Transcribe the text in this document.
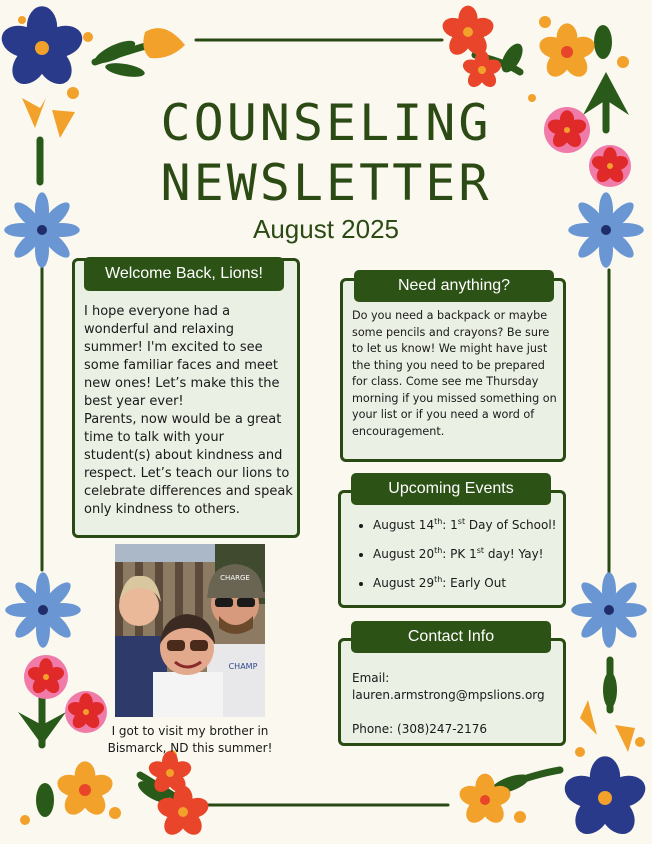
COUNSELING
NEWSLETTER
August 2025
Welcome Back, Lions!
I hope everyone had a wonderful and relaxing summer! I'm excited to see some familiar faces and meet new ones! Let’s make this the best year ever!
Parents, now would be a great time to talk with your student(s) about kindness and respect. Let’s teach our lions to celebrate differences and speak only kindness to others.
CHARGE
CHAMP
I got to visit my brother in
Bismarck, ND this summer!
Need anything?
Do you need a backpack or maybe some pencils and crayons? Be sure to let us know! We might have just the thing you need to be prepared for class. Come see me Thursday morning if you missed something on your list or if you need a word of encouragement.
Upcoming Events
• August 14th: 1st Day of School!
• August 20th: PK 1st day! Yay!
• August 29th: Early Out
Contact Info
Email:
lauren.armstrong@mpslions.org
Phone: (308)247-2176
